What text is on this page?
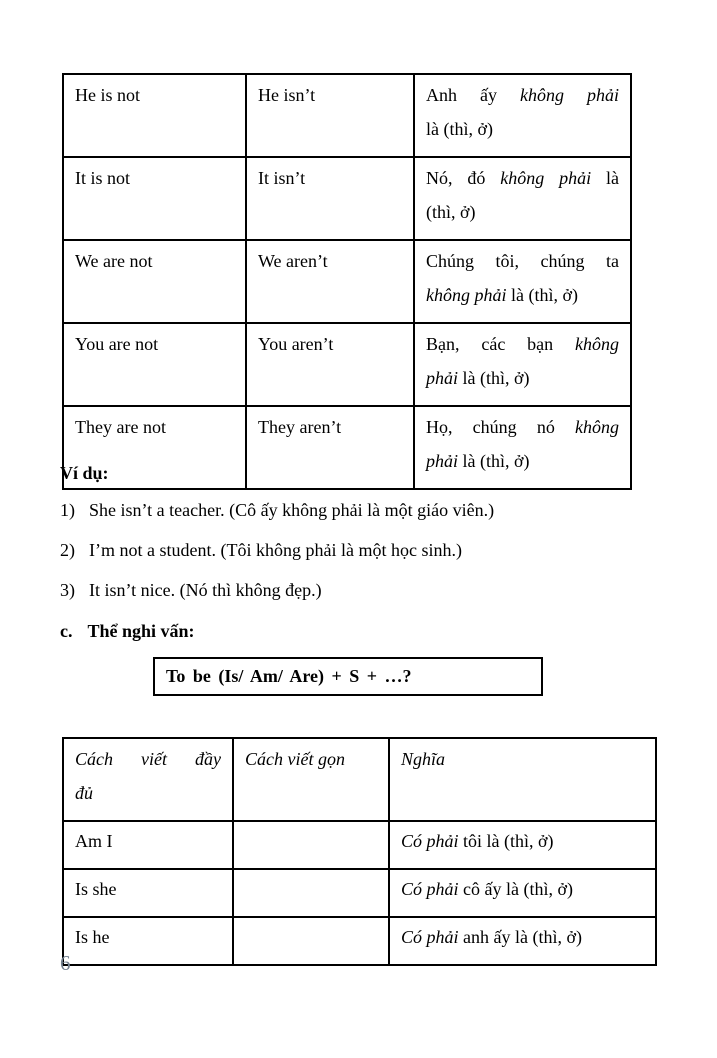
He is not	He isn’t	Anh ấy không phải
là (thì, ở)

It is not	It isn’t	Nó, đó không phải là
(thì, ở)

We are not	We aren’t	Chúng tôi, chúng ta
không phải là (thì, ở)

You are not	You aren’t	Bạn, các bạn không
phải là (thì, ở)

They are not	They aren’t	Họ, chúng nó không
phải là (thì, ở)
Ví dụ:
1) She isn’t a teacher. (Cô ấy không phải là một giáo viên.)
2) I’m not a student. (Tôi không phải là một học sinh.)
3) It isn’t nice. (Nó thì không đẹp.)
c. Thể nghi vấn:
To be (Is/ Am/ Are) + S + …?
Cách viết đầy
đủ	Cách viết gọn	Nghĩa
Am I		Có phải tôi là (thì, ở)
Is she		Có phải cô ấy là (thì, ở)
Is he		Có phải anh ấy là (thì, ở)
6
